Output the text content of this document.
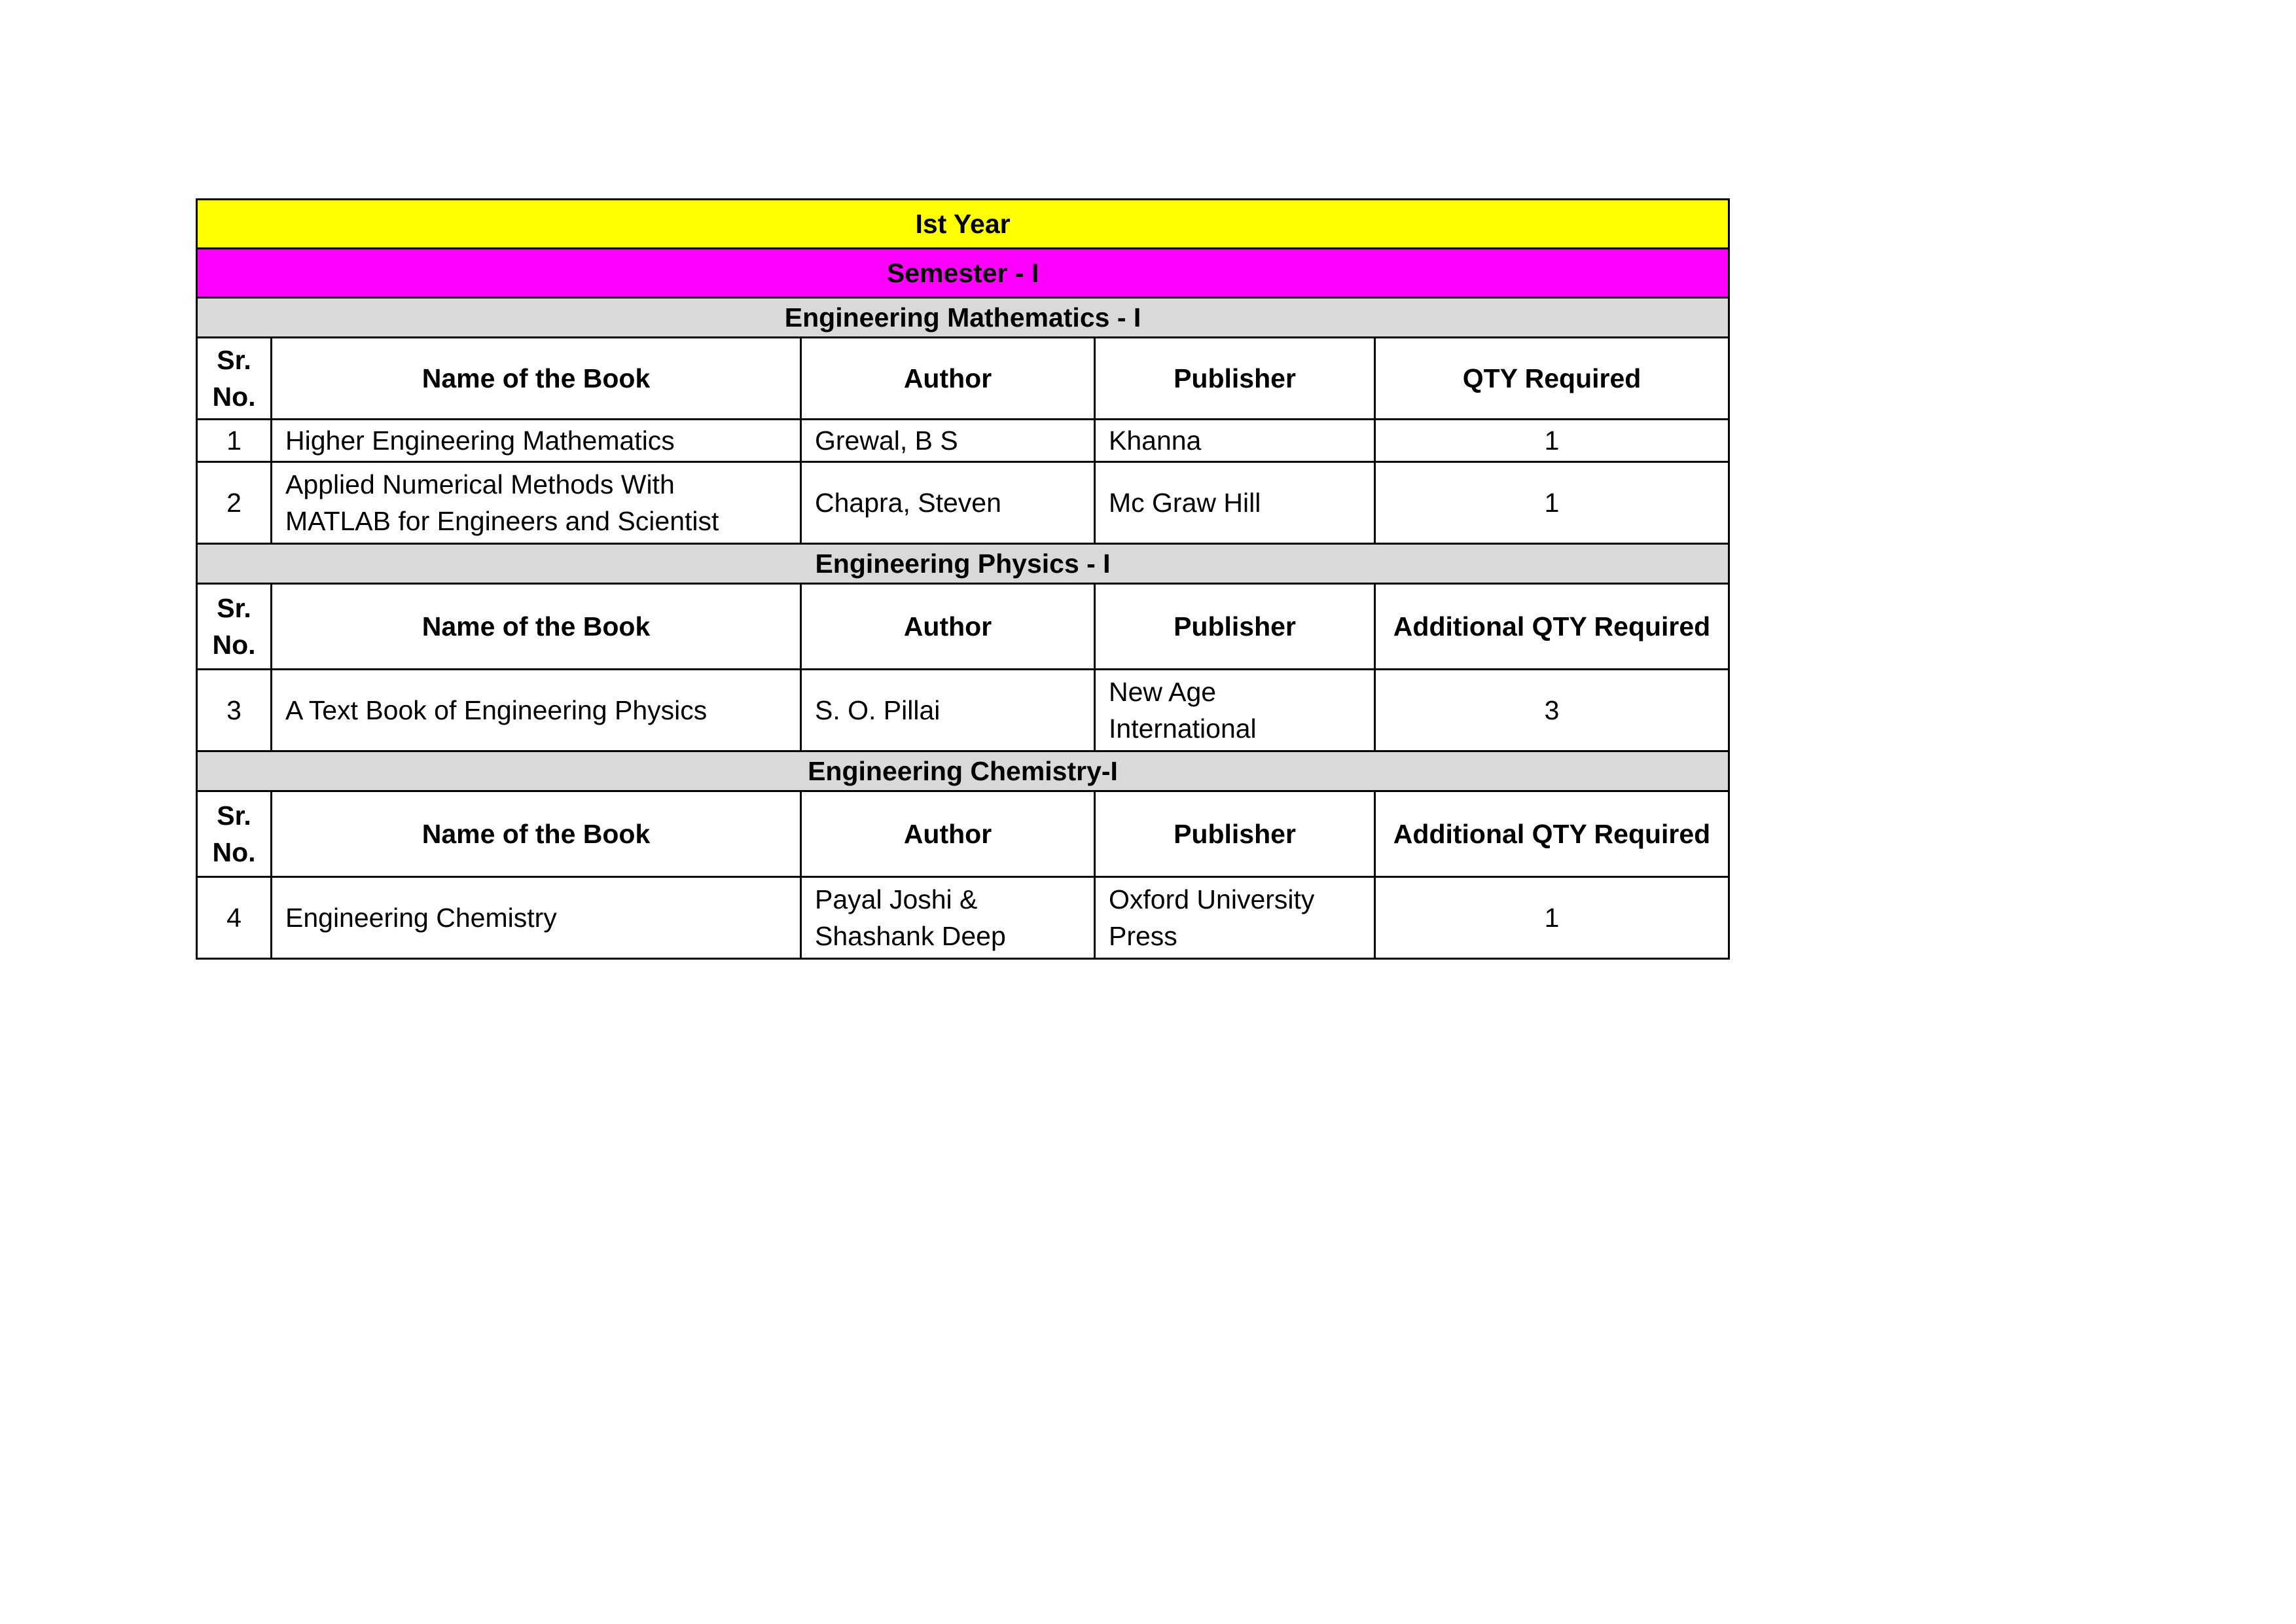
Ist Year				
Semester - I				
Engineering Mathematics - I				
Sr. No.	Name of the Book	Author	Publisher	QTY Required
1	Higher Engineering Mathematics	Grewal, B S	Khanna	1
2	Applied Numerical Methods With MATLAB for Engineers and Scientist	Chapra, Steven	Mc Graw Hill	1
Engineering Physics - I				
Sr. No.	Name of the Book	Author	Publisher	Additional QTY Required
3	A Text Book of Engineering Physics	S. O. Pillai	New Age International	3
Engineering Chemistry-I				
Sr. No.	Name of the Book	Author	Publisher	Additional QTY Required
4	Engineering Chemistry	Payal Joshi & Shashank Deep	Oxford University Press	1
